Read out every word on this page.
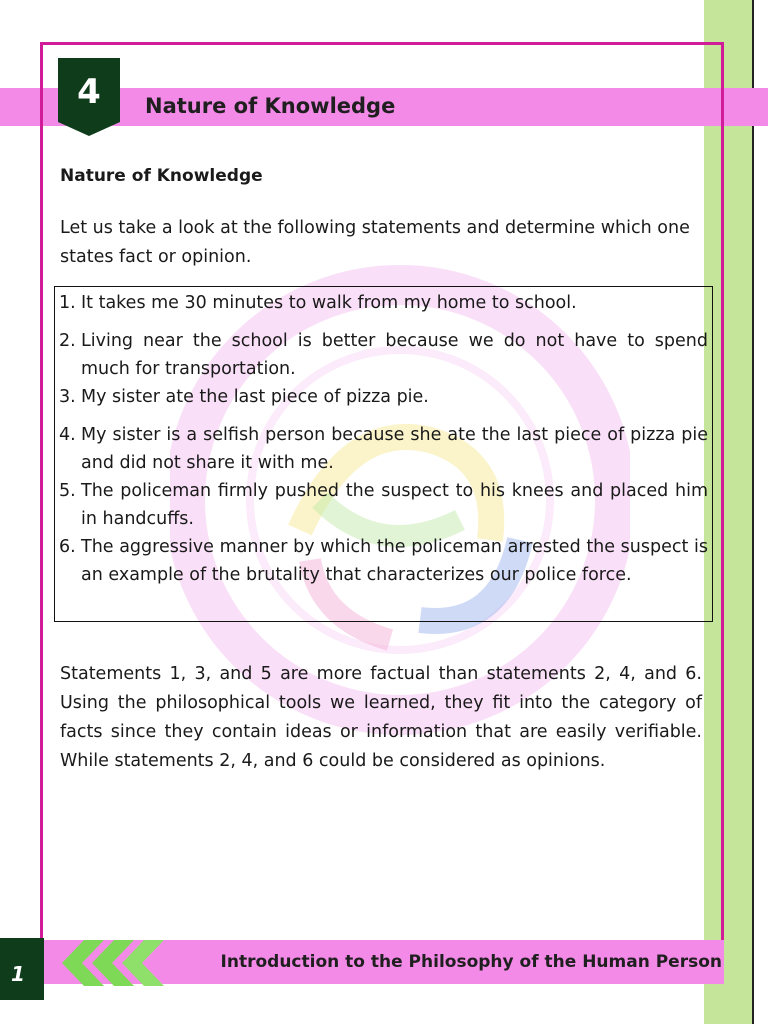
4	Nature of Knowledge
Nature of Knowledge

Let us take a look at the following statements and determine which one states fact or opinion.

1. It takes me 30 minutes to walk from my home to school.
2. Living near the school is better because we do not have to spend much for transportation.
3. My sister ate the last piece of pizza pie.
4. My sister is a selfish person because she ate the last piece of pizza pie and did not share it with me.
5. The policeman firmly pushed the suspect to his knees and placed him in handcuffs.
6. The aggressive manner by which the policeman arrested the suspect is an example of the brutality that characterizes our police force.

Statements 1, 3, and 5 are more factual than statements 2, 4, and 6. Using the philosophical tools we learned, they fit into the category of facts since they contain ideas or information that are easily verifiable. While statements 2, 4, and 6 could be considered as opinions.

Introduction to the Philosophy of the Human Person
1
